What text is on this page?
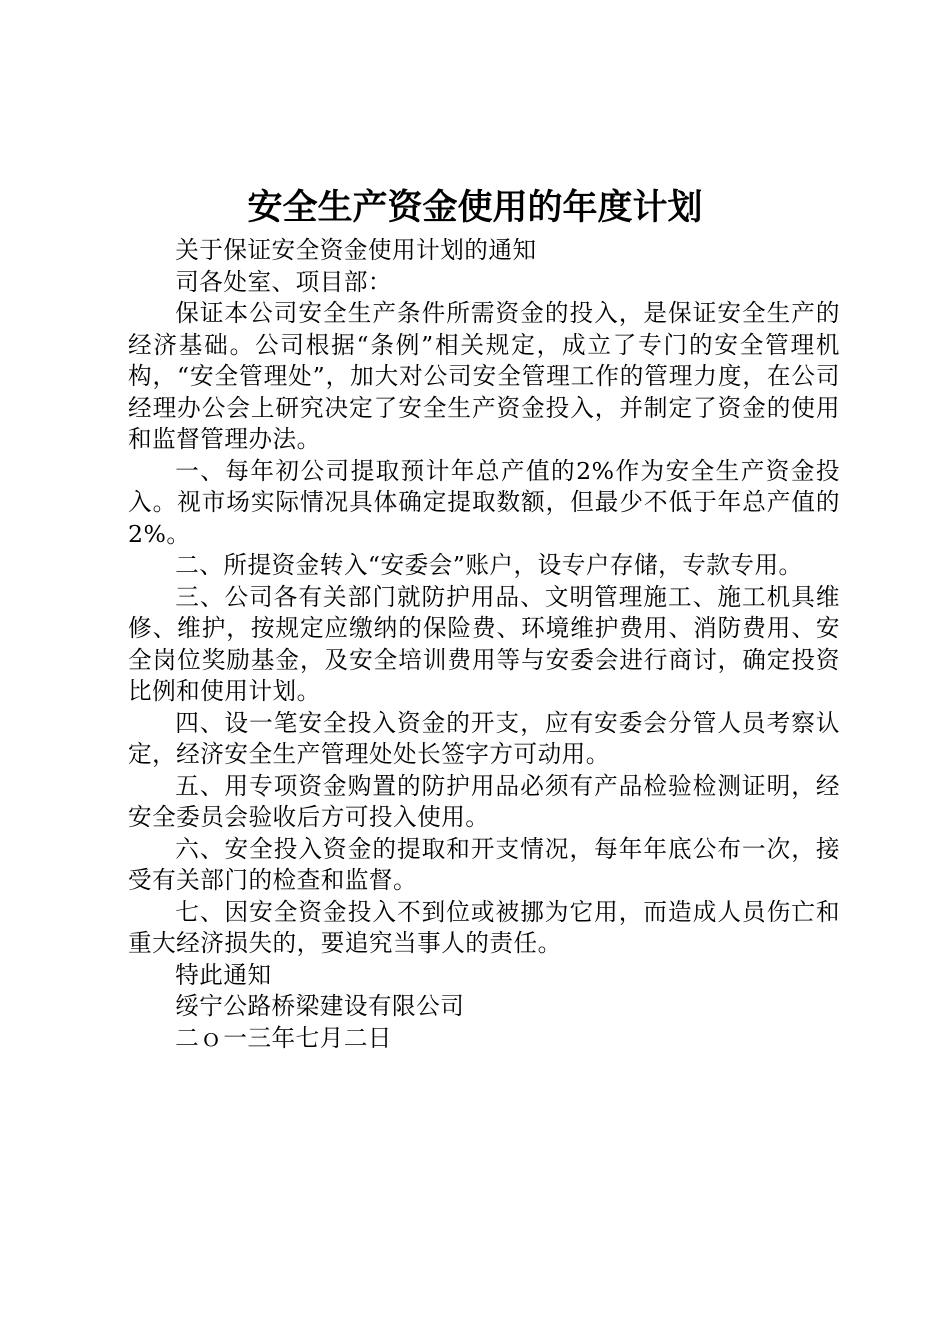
安全生产资金使用的年度计划

关于保证安全资金使用计划的通知

司各处室、项目部：

保证本公司安全生产条件所需资金的投入，是保证安全生产的经济基础。公司根据“条例”相关规定，成立了专门的安全管理机构，“安全管理处”，加大对公司安全管理工作的管理力度，在公司经理办公会上研究决定了安全生产资金投入，并制定了资金的使用和监督管理办法。

一、每年初公司提取预计年总产值的2%作为安全生产资金投入。视市场实际情况具体确定提取数额，但最少不低于年总产值的2%。

二、所提资金转入“安委会”账户，设专户存储，专款专用。

三、公司各有关部门就防护用品、文明管理施工、施工机具维修、维护，按规定应缴纳的保险费、环境维护费用、消防费用、安全岗位奖励基金，及安全培训费用等与安委会进行商讨，确定投资比例和使用计划。

四、设一笔安全投入资金的开支，应有安委会分管人员考察认定，经济安全生产管理处处长签字方可动用。

五、用专项资金购置的防护用品必须有产品检验检测证明，经安全委员会验收后方可投入使用。

六、安全投入资金的提取和开支情况，每年年底公布一次，接受有关部门的检查和监督。

七、因安全资金投入不到位或被挪为它用，而造成人员伤亡和重大经济损失的，要追究当事人的责任。

特此通知

绥宁公路桥梁建设有限公司

二ｏ一三年七月二日
